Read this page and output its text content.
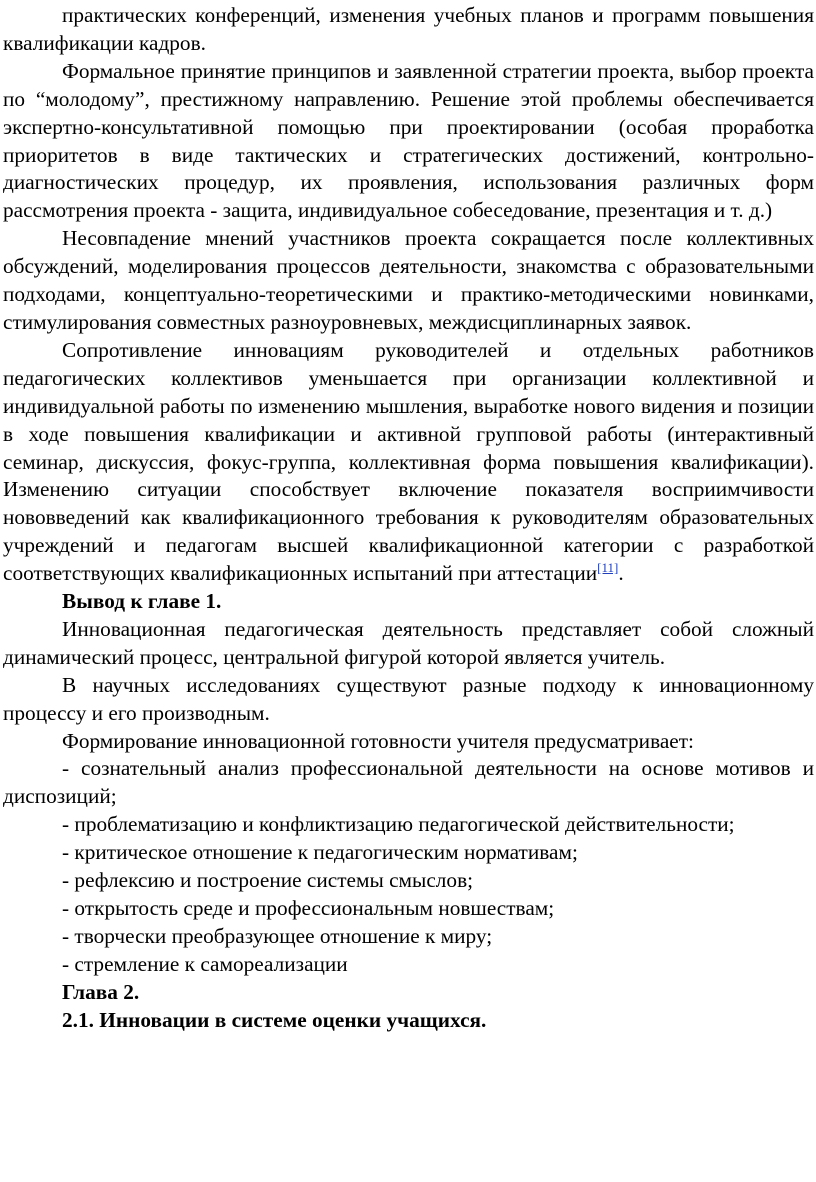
практических конференций, изменения учебных планов и программ повышения квалификации кадров.

Формальное принятие принципов и заявленной стратегии проекта, выбор проекта по “молодому”, престижному направлению. Решение этой проблемы обеспечивается экспертно-консультативной помощью при проектировании (особая проработка приоритетов в виде тактических и стратегических достижений, контрольно-диагностических процедур, их проявления, использования различных форм рассмотрения проекта - защита, индивидуальное собеседование, презентация и т. д.)

Несовпадение мнений участников проекта сокращается после коллективных обсуждений, моделирования процессов деятельности, знакомства с образовательными подходами, концептуально-теоретическими и практико-методическими новинками, стимулирования совместных разноуровневых, междисциплинарных заявок.

Сопротивление инновациям руководителей и отдельных работников педагогических коллективов уменьшается при организации коллективной и индивидуальной работы по изменению мышления, выработке нового видения и позиции в ходе повышения квалификации и активной групповой работы (интерактивный семинар, дискуссия, фокус-группа, коллективная форма повышения квалификации). Изменению ситуации способствует включение показателя восприимчивости нововведений как квалификационного требования к руководителям образовательных учреждений и педагогам высшей квалификационной категории с разработкой соответствующих квалификационных испытаний при аттестации[11].

Вывод к главе 1.

Инновационная педагогическая деятельность представляет собой сложный динамический процесс, центральной фигурой которой является учитель.

В научных исследованиях существуют разные подходу к инновационному процессу и его производным.

Формирование инновационной готовности учителя предусматривает:

- сознательный анализ профессиональной деятельности на основе мотивов и диспозиций;

- проблематизацию и конфликтизацию педагогической действительности;

- критическое отношение к педагогическим нормативам;

- рефлексию и построение системы смыслов;

- открытость среде и профессиональным новшествам;

- творчески преобразующее отношение к миру;

- стремление к самореализации

Глава 2.

2.1. Инновации в системе оценки учащихся.
